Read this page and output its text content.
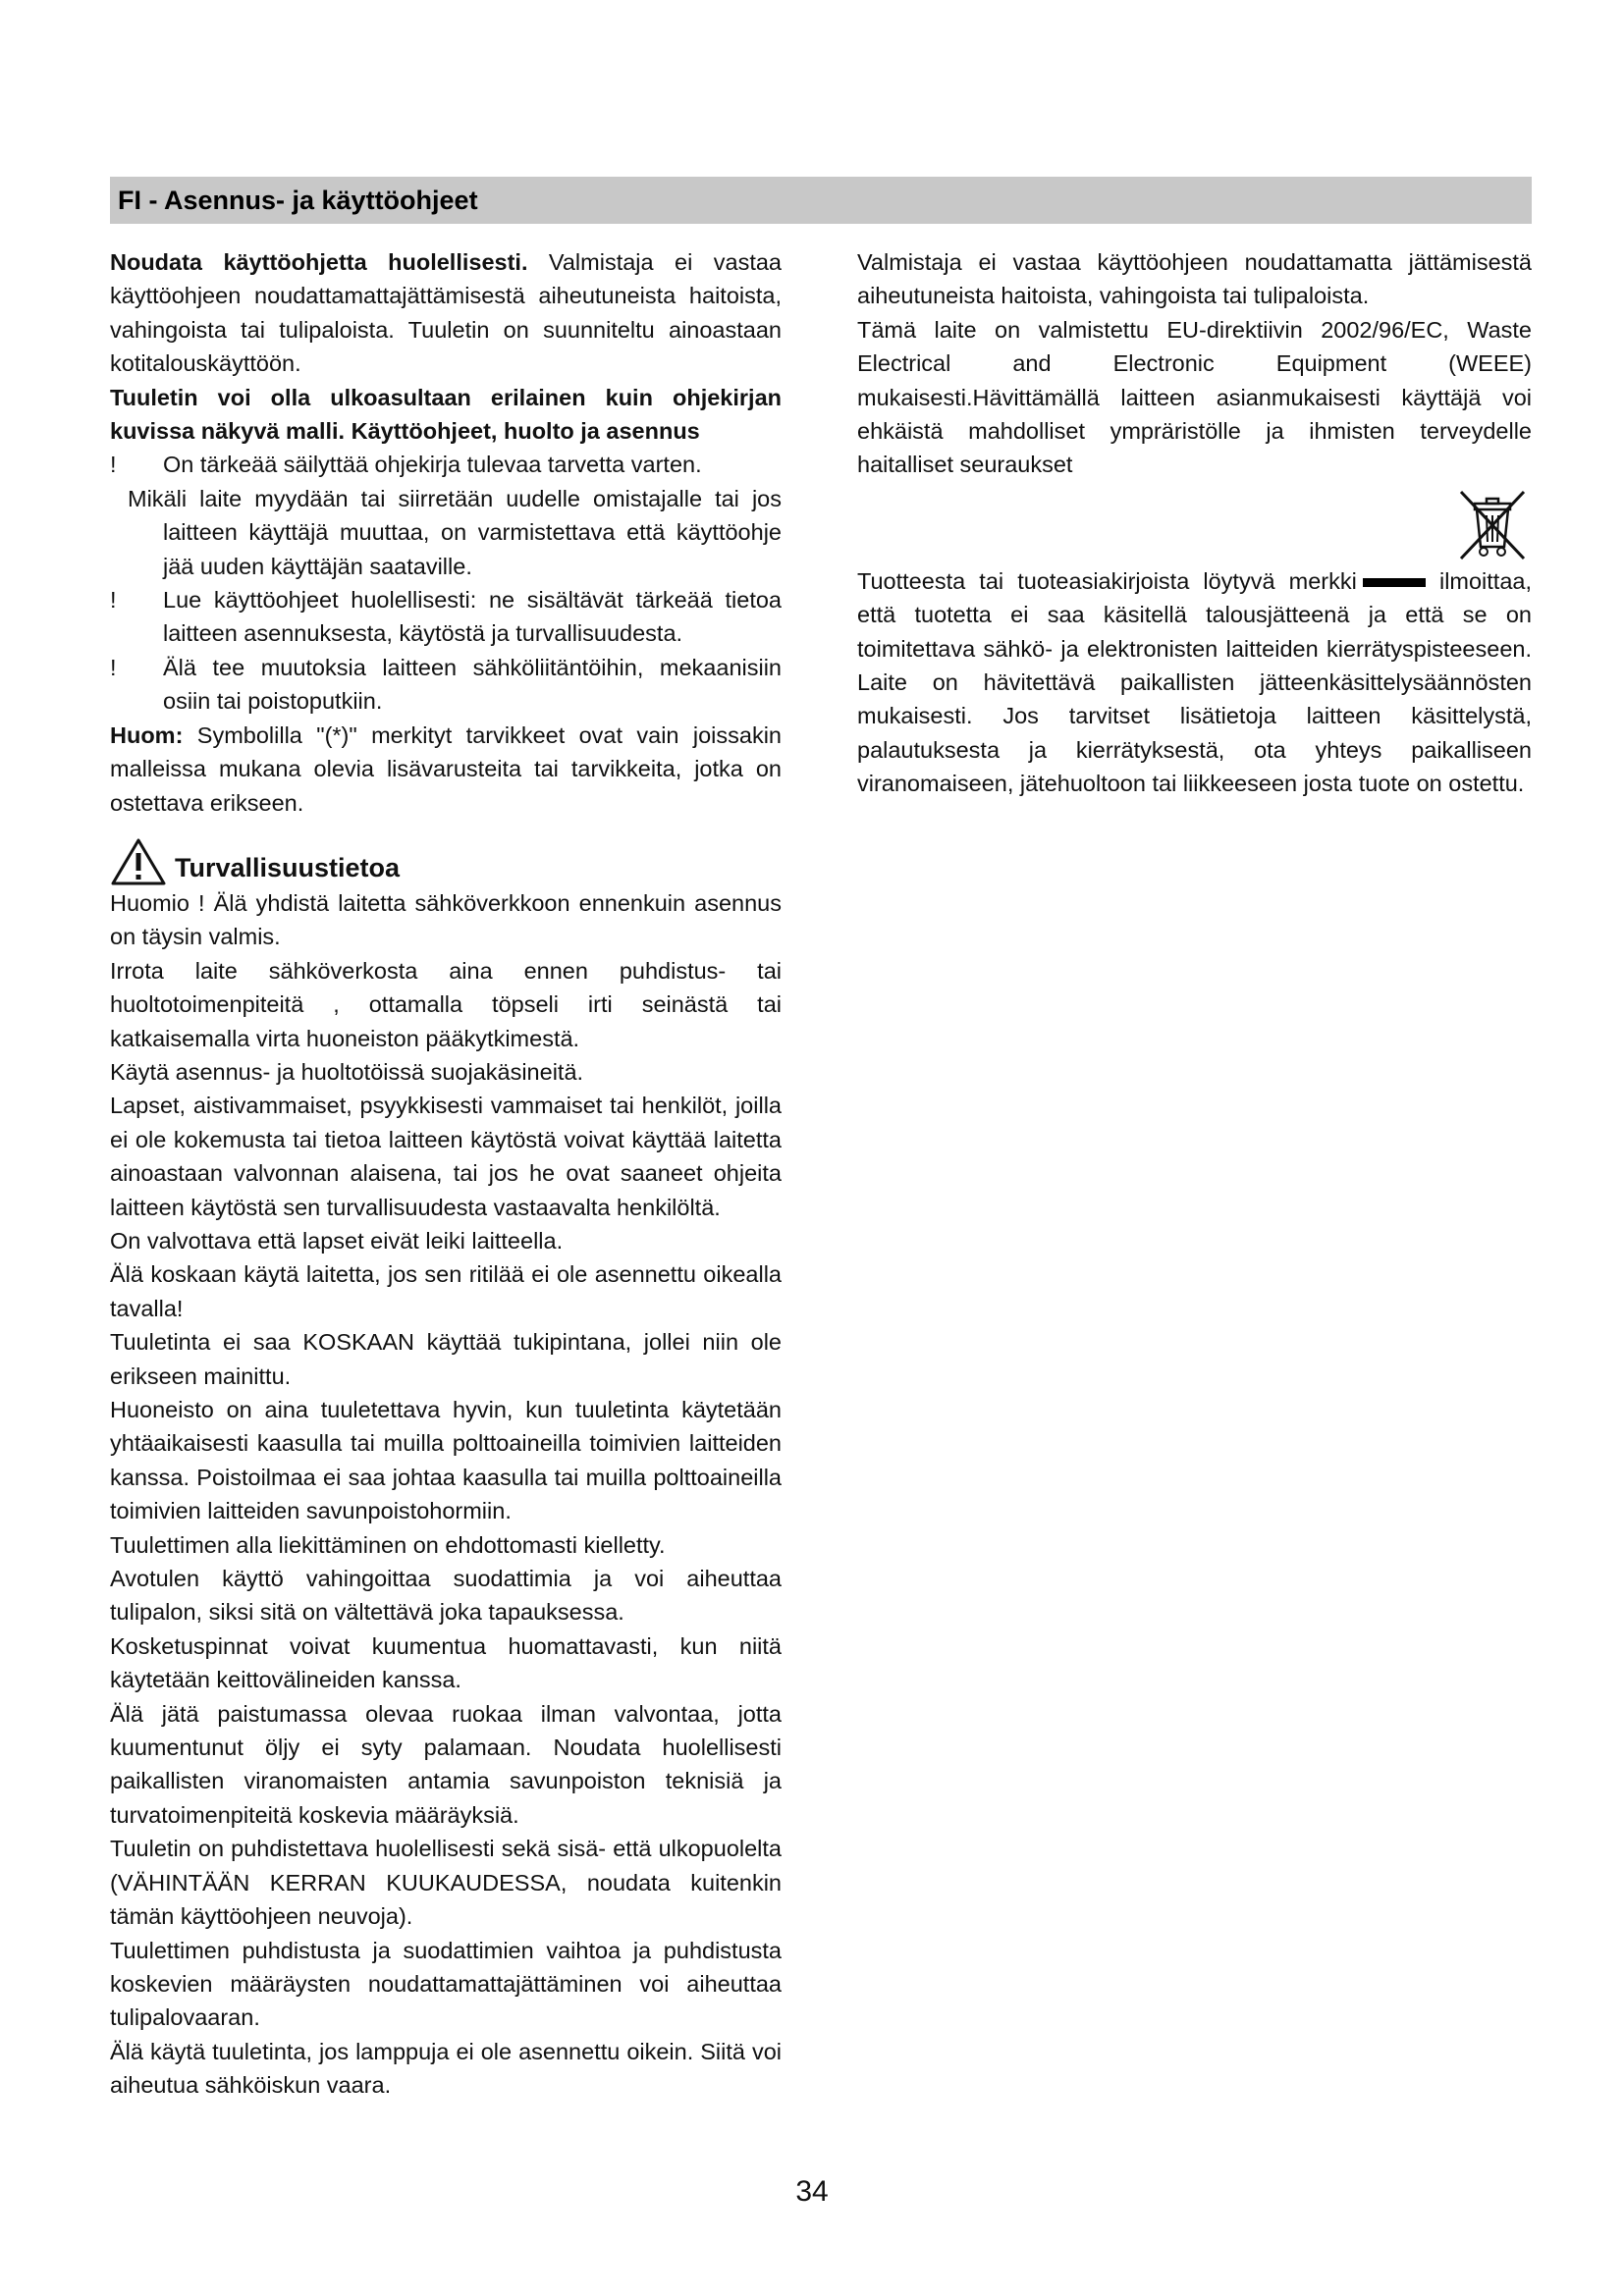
FI - Asennus- ja käyttöohjeet

Noudata käyttöohjetta huolellisesti. Valmistaja ei vastaa käyttöohjeen noudattamattajättämisestä aiheutuneista haitoista, vahingoista tai tulipaloista. Tuuletin on suunniteltu ainoastaan kotitalouskäyttöön.

Tuuletin voi olla ulkoasultaan erilainen kuin ohjekirjan kuvissa näkyvä malli. Käyttöohjeet, huolto ja asennus

! On tärkeää säilyttää ohjekirja tulevaa tarvetta varten.

Mikäli laite myydään tai siirretään uudelle omistajalle tai jos laitteen käyttäjä muuttaa, on varmistettava että käyttöohje jää uuden käyttäjän saataville.

! Lue käyttöohjeet huolellisesti: ne sisältävät tärkeää tietoa laitteen asennuksesta, käytöstä ja turvallisuudesta.

! Älä tee muutoksia laitteen sähköliitäntöihin, mekaanisiin osiin tai poistoputkiin.

Huom: Symbolilla "(*)" merkityt tarvikkeet ovat vain joissakin malleissa mukana olevia lisävarusteita tai tarvikkeita, jotka on ostettava erikseen.

Turvallisuustietoa

Huomio ! Älä yhdistä laitetta sähköverkkoon ennenkuin asennus on täysin valmis.

Irrota laite sähköverkosta aina ennen puhdistus- tai huoltotoimenpiteitä , ottamalla töpseli irti seinästä tai katkaisemalla virta huoneiston pääkytkimestä.

Käytä asennus- ja huoltotöissä suojakäsineitä.

Lapset, aistivammaiset, psyykkisesti vammaiset tai henkilöt, joilla ei ole kokemusta tai tietoa laitteen käytöstä voivat käyttää laitetta ainoastaan valvonnan alaisena, tai jos he ovat saaneet ohjeita laitteen käytöstä sen turvallisuudesta vastaavalta henkilöltä.

On valvottava että lapset eivät leiki laitteella.

Älä koskaan käytä laitetta, jos sen ritilää ei ole asennettu oikealla tavalla!

Tuuletinta ei saa KOSKAAN käyttää tukipintana, jollei niin ole erikseen mainittu.

Huoneisto on aina tuuletettava hyvin, kun tuuletinta käytetään yhtäaikaisesti kaasulla tai muilla polttoaineilla toimivien laitteiden kanssa. Poistoilmaa ei saa johtaa kaasulla tai muilla polttoaineilla toimivien laitteiden savunpoistohormiin.

Tuulettimen alla liekittäminen on ehdottomasti kielletty.

Avotulen käyttö vahingoittaa suodattimia ja voi aiheuttaa tulipalon, siksi sitä on vältettävä joka tapauksessa.

Kosketuspinnat voivat kuumentua huomattavasti, kun niitä käytetään keittovälineiden kanssa.

Älä jätä paistumassa olevaa ruokaa ilman valvontaa, jotta kuumentunut öljy ei syty palamaan. Noudata huolellisesti paikallisten viranomaisten antamia savunpoiston teknisiä ja turvatoimenpiteitä koskevia määräyksiä.

Tuuletin on puhdistettava huolellisesti sekä sisä- että ulkopuolelta (VÄHINTÄÄN KERRAN KUUKAUDESSA, noudata kuitenkin tämän käyttöohjeen neuvoja).

Tuulettimen puhdistusta ja suodattimien vaihtoa ja puhdistusta koskevien määräysten noudattamattajättäminen voi aiheuttaa tulipalovaaran.

Älä käytä tuuletinta, jos lamppuja ei ole asennettu oikein. Siitä voi aiheutua sähköiskun vaara.

Valmistaja ei vastaa käyttöohjeen noudattamatta jättämisestä aiheutuneista haitoista, vahingoista tai tulipaloista.

Tämä laite on valmistettu EU-direktiivin 2002/96/EC, Waste Electrical and Electronic Equipment (WEEE) mukaisesti.Hävittämällä laitteen asianmukaisesti käyttäjä voi ehkäistä mahdolliset ympräristölle ja ihmisten terveydelle haitalliset seuraukset

Tuotteesta tai tuoteasiakirjoista löytyvä merkki	ilmoittaa, että tuotetta ei saa käsitellä talousjätteenä ja että se on toimitettava sähkö- ja elektronisten laitteiden kierrätyspisteeseen. Laite on hävitettävä paikallisten jätteenkäsittelysäännösten mukaisesti. Jos tarvitset lisätietoja laitteen käsittelystä, palautuksesta ja kierrätyksestä, ota yhteys paikalliseen viranomaiseen, jätehuoltoon tai liikkeeseen josta tuote on ostettu.

34
